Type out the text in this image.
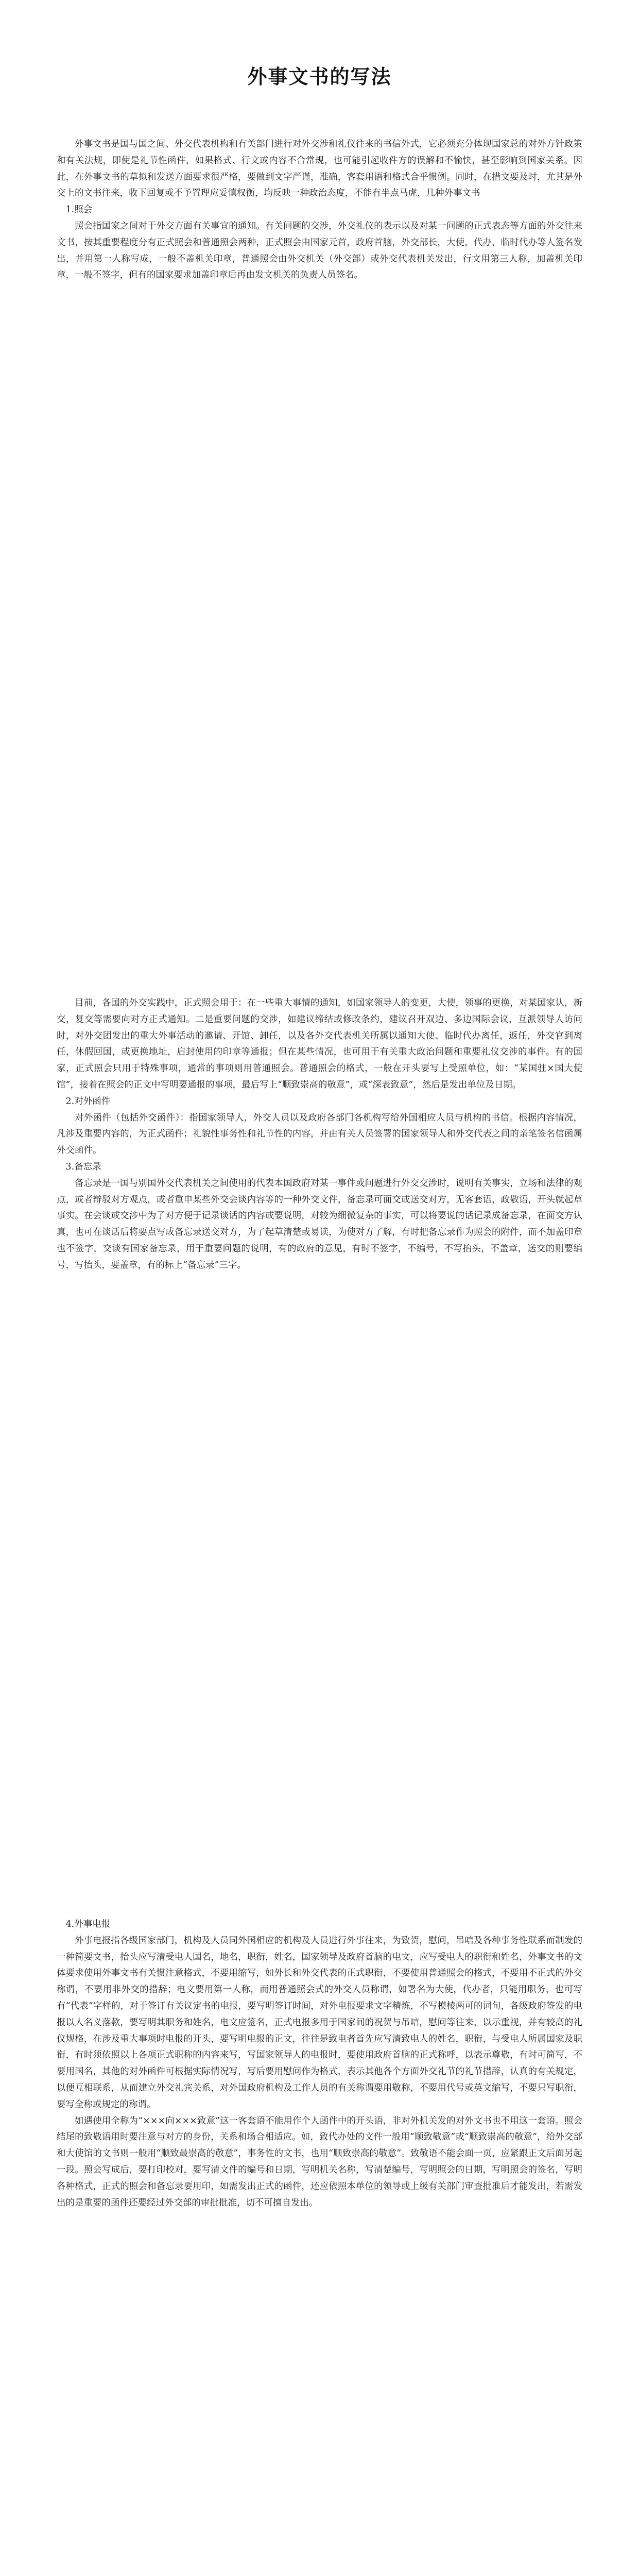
外事文书的写法

外事文书是国与国之间、外交代表机构和有关部门进行对外交涉和礼仪往来的书信外式，它必须充分体现国家总的对外方针政策和有关法规，即使是礼节性函件，如果格式、行文或内容不合常规，也可能引起收件方的误解和不愉快，甚至影响到国家关系。因此，在外事文书的草拟和发送方面要求很严格，要做到文字严谨，准确，客套用语和格式合乎惯例。同时，在措文要及时，尤其是外交上的文书往来，收下回复或不予置理应妥慎权衡，均反映一种政治态度，不能有半点马虎，几种外事文书

1.照会

照会指国家之间对于外交方面有关事宜的通知。有关问题的交涉，外交礼仪的表示以及对某一问题的正式表态等方面的外交往来文书，按其重要程度分有正式照会和普通照会两种，正式照会由国家元首，政府首脑，外交部长，大使，代办，临时代办等人签名发出，并用第一人称写成，一般不盖机关印章，普通照会由外交机关（外交部）或外交代表机关发出，行文用第三人称，加盖机关印章，一般不签字，但有的国家要求加盖印章后再由发文机关的负责人员签名。

目前，各国的外交实践中，正式照会用于：在一些重大事情的通知，如国家领导人的变更，大使，领事的更换，对某国家认，新交，复交等需要向对方正式通知。二是重要问题的交涉，如建议缔结或修改条约，建议召开双边、多边国际会议，互派领导人访问时，对外交团发出的重大外事活动的邀请、开馆、卸任，以及各外交代表机关所属以通知大使、临时代办离任，返任，外交官到离任，休假回国，或更换地址，启封使用的印章等通报；但在某些情况，也可用于有关重大政治问题和重要礼仪交涉的事件。有的国家，正式照会只用于特殊事项，通常的事项则用普通照会。普通照会的格式，一般在开头要写上受照单位，如：“某国驻×国大使馆”，接着在照会的正文中写明要通报的事项，最后写上“顺致崇高的敬意”，或“深表致意”，然后是发出单位及日期。

2.对外函件

对外函件（包括外交函件）：指国家领导人，外交人员以及政府各部门各机构写给外国相应人员与机构的书信。根据内容情况，凡涉及重要内容的，为正式函件；礼貌性事务性和礼节性的内容，并由有关人员签署的国家领导人和外交代表之间的亲笔签名信函属外交函件。

3.备忘录

备忘录是一国与别国外交代表机关之间使用的代表本国政府对某一事件或问题进行外交交涉时，说明有关事实，立场和法律的观点，或者辩驳对方观点，或者重申某些外交会谈内容等的一种外交文件，备忘录可面交或送交对方，无客套语，政敬语，开头就起草事实。在会谈或交涉中为了对方便于记录谈话的内容或要说明，对较为细微复杂的事实，可以将要说的话记录成备忘录，在面交方认真，也可在谈话后将要点写成备忘录送交对方，为了起草清楚或易读，为使对方了解，有时把备忘录作为照会的附件，而不加盖印章也不签字，交谈有国家备忘录，用于重要问题的说明，有的政府的意见，有时不签字，不编号，不写抬头，不盖章，送交的则要编号，写抬头，要盖章，有的标上“备忘录”三字。

4.外事电报

外事电报指各级国家部门，机构及人员同外国相应的机构及人员进行外事往来，为致贺，慰问，吊唁及各种事务性联系而制发的一种简要文书，抬头应写清受电人国名，地名，职衔，姓名，国家领导及政府首脑的电文，应写受电人的职衔和姓名，外事文书的文体要求使用外事文书有关惯注意格式，不要用缩写，如外长和外交代表的正式职衔，不要使用普通照会的格式，不要用不正式的外交称谓，不要用非外交的措辞；电文要用第一人称，而用普通照会式的外交人员称谓，如署名为大使，代办者，只能用职务，也可写有“代表”字样的，对于签订有关议定书的电报，要写明签订时间，对外电报要求文字精炼，不写模棱两可的词句，各级政府签发的电报以人名义落款，要写明其职务和姓名，电文应签名，正式电报多用于国家间的祝贺与吊唁，慰问等往来，以示重视，并有较高的礼仪规格，在涉及重大事项时电报的开头，要写明电报的正文，往往是致电者首先应写清致电人的姓名，职衔，与受电人所属国家及职衔，有时须依照以上各项正式职称的内容来写，写国家领导人的电报时，要使用政府首脑的正式称呼，以表示尊敬，有时可简写，不要用国名，其他的对外函件可根据实际情况写，写后要用慰问作为格式，表示其他各个方面外交礼节的礼节措辞，认真的有关规定，以便互相联系，从而建立外交礼宾关系，对外国政府机构及工作人员的有关称谓要用敬称，不要用代号或英文缩写，不要只写职衔，要写全称或规定的称谓。

如遇使用全称为“×××向×××致意”这一客套语不能用作个人函件中的开头语，非对外机关发的对外文书也不用这一套语。照会结尾的致敬语用时要注意与对方的身份，关系和场合相适应。如，致代办处的文件一般用“顺致敬意”或“顺致崇高的敬意”，给外交部和大使馆的文书则一般用“顺致最崇高的敬意”，事务性的文书，也用“顺致崇高的敬意”。致敬语不能会面一页，应紧跟正文后面另起一段。照会写成后，要打印校对，要写清文件的编号和日期，写明机关名称，写清楚编号，写明照会的日期，写明照会的签名，写明各种格式，正式的照会和备忘录要用印，如需发出正式的函件，还应依照本单位的领导或上级有关部门审查批准后才能发出，若需发出的是重要的函件还要经过外交部的审批批准，切不可擅自发出。
